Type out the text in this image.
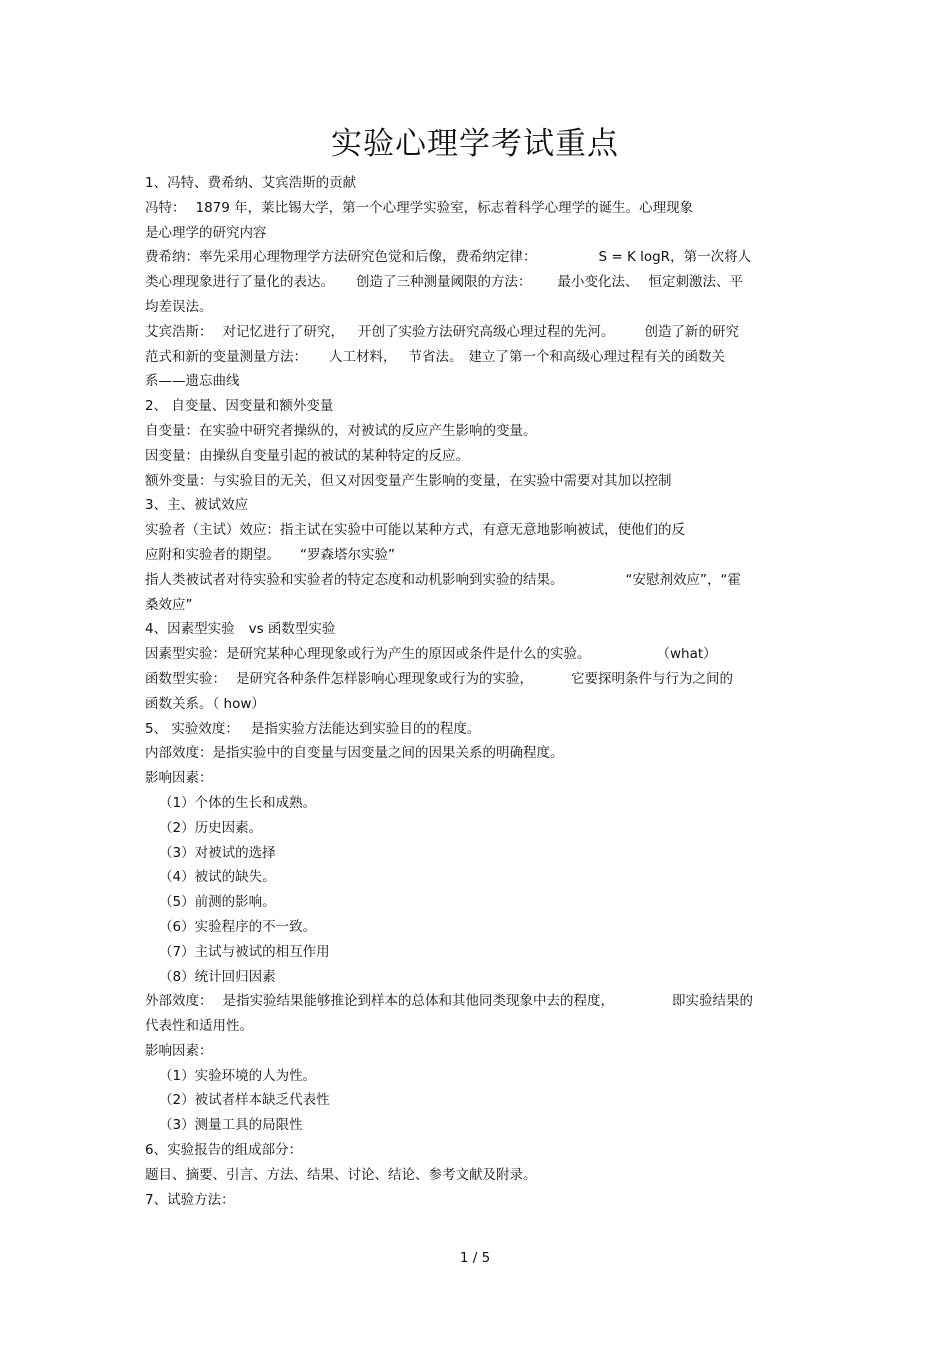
实验心理学考试重点
1、冯特、费希纳、艾宾浩斯的贡献
冯特： 1879 年，莱比锡大学，第一个心理学实验室，标志着科学心理学的诞生。心理现象
是心理学的研究内容
费希纳：率先采用心理物理学方法研究色觉和后像，费希纳定律：	S = K logR，第一次将人
类心理现象进行了量化的表达。 创造了三种测量阈限的方法： 最小变化法、 恒定刺激法、平
均差误法。
艾宾浩斯： 对记忆进行了研究， 开创了实验方法研究高级心理过程的先河。 创造了新的研究
范式和新的变量测量方法： 人工材料， 节省法。 建立了第一个和高级心理过程有关的函数关
系——遗忘曲线
2、 自变量、因变量和额外变量
自变量：在实验中研究者操纵的，对被试的反应产生影响的变量。
因变量：由操纵自变量引起的被试的某种特定的反应。
额外变量：与实验目的无关，但又对因变量产生影响的变量，在实验中需要对其加以控制
3、主、被试效应
实验者（主试）效应：指主试在实验中可能以某种方式，有意无意地影响被试，使他们的反
应附和实验者的期望。 “罗森塔尔实验”
指人类被试者对待实验和实验者的特定态度和动机影响到实验的结果。	“安慰剂效应”，“霍
桑效应”
4、因素型实验 vs 函数型实验
因素型实验：是研究某种心理现象或行为产生的原因或条件是什么的实验。	（what）
函数型实验： 是研究各种条件怎样影响心理现象或行为的实验，	它要探明条件与行为之间的
函数关系。（ how）
5、 实验效度： 是指实验方法能达到实验目的的程度。
内部效度：是指实验中的自变量与因变量之间的因果关系的明确程度。
影响因素：
（1）个体的生长和成熟。
（2）历史因素。
（3）对被试的选择
（4）被试的缺失。
（5）前测的影响。
（6）实验程序的不一致。
（7）主试与被试的相互作用
（8）统计回归因素
外部效度： 是指实验结果能够推论到样本的总体和其他同类现象中去的程度，	即实验结果的
代表性和适用性。
影响因素：
（1）实验环境的人为性。
（2）被试者样本缺乏代表性
（3）测量工具的局限性
6、实验报告的组成部分：
题目、摘要、引言、方法、结果、讨论、结论、参考文献及附录。
7、试验方法：
1 / 5
